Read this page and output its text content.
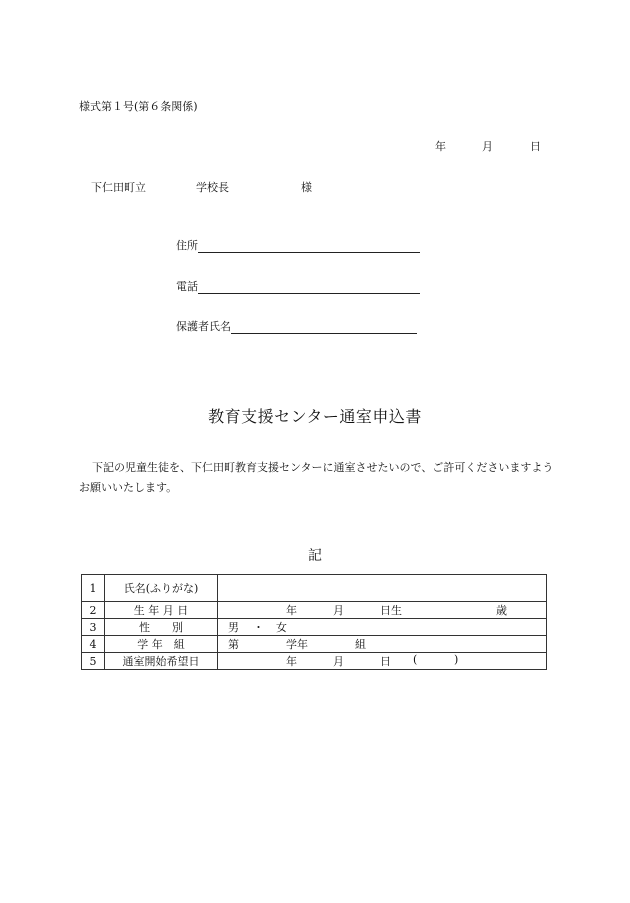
様式第１号(第６条関係)
年	月	日
下仁田町立	学校長	様
住所
電話
保護者氏名
教育支援センター通室申込書
下記の児童生徒を、下仁田町教育支援センターに通室させたいので、ご許可くださいますようお願いいたします。
記
1	氏名(ふりがな)	
2	生 年 月 日	年 月 日生 歳

3	性　　別	男 ・ 女

4	学 年　組	第 学年 組

5	通室開始希望日	年 月 日 ( )
